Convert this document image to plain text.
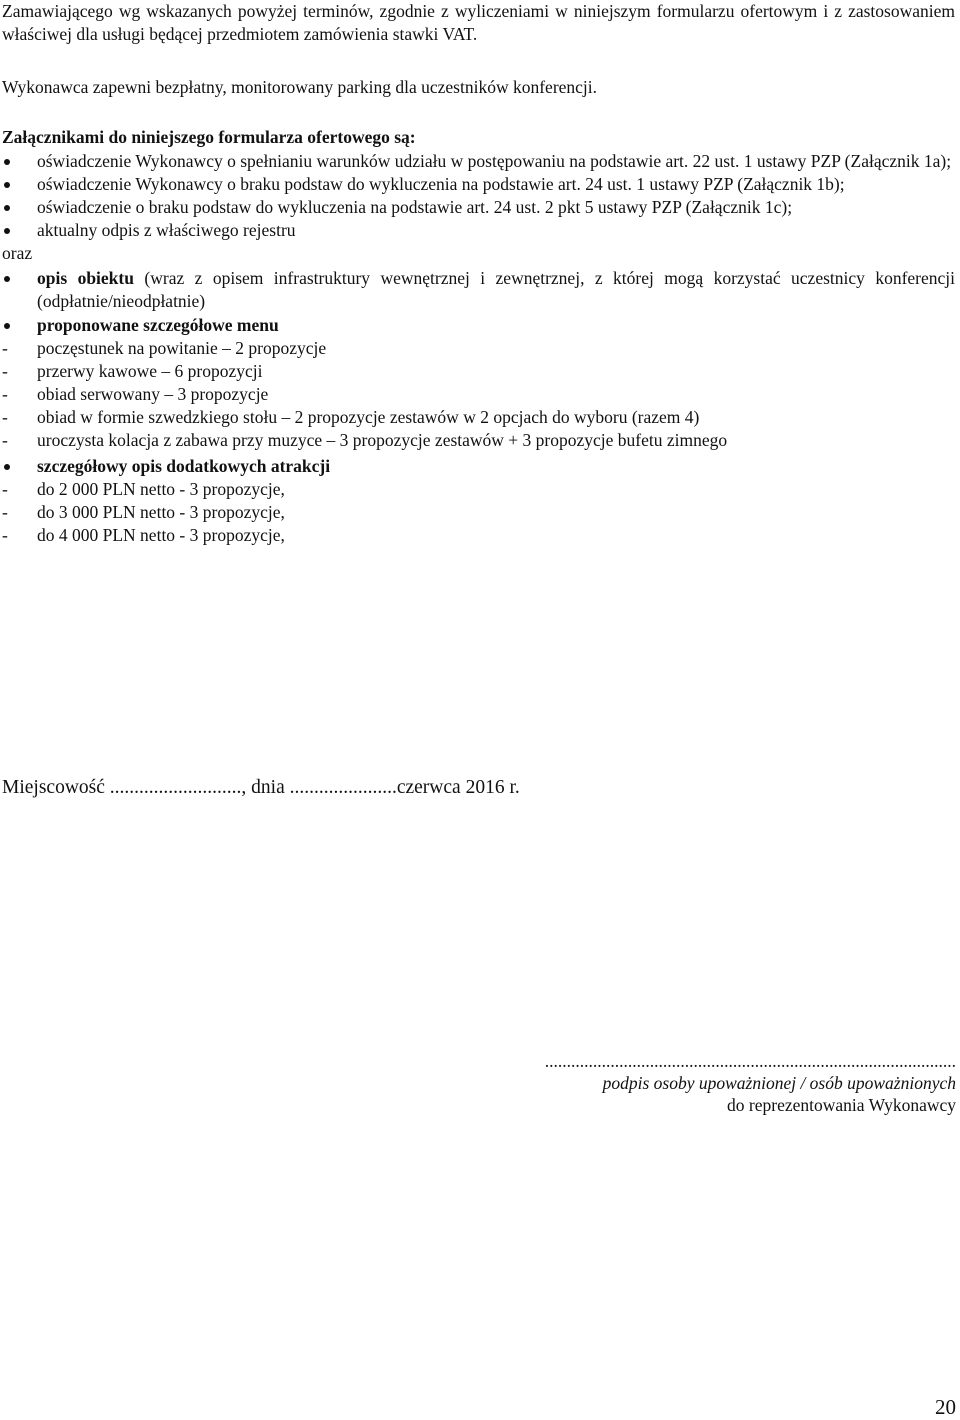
Zamawiającego wg wskazanych powyżej terminów, zgodnie z wyliczeniami w niniejszym formularzu ofertowym i z zastosowaniem właściwej dla usługi będącej przedmiotem zamówienia stawki VAT.

Wykonawca zapewni bezpłatny, monitorowany parking dla uczestników konferencji.

Załącznikami do niniejszego formularza ofertowego są:

oświadczenie Wykonawcy o spełnianiu warunków udziału w postępowaniu na podstawie art. 22 ust. 1 ustawy PZP (Załącznik 1a);
oświadczenie Wykonawcy o braku podstaw do wykluczenia na podstawie art. 24 ust. 1 ustawy PZP (Załącznik 1b);
oświadczenie o braku podstaw do wykluczenia na podstawie art. 24 ust. 2 pkt 5 ustawy PZP (Załącznik 1c);
aktualny odpis z właściwego rejestru

oraz

opis obiektu (wraz z opisem infrastruktury wewnętrznej i zewnętrznej, z której mogą korzystać uczestnicy konferencji (odpłatnie/nieodpłatnie)
proponowane szczegółowe menu
- poczęstunek na powitanie – 2 propozycje
- przerwy kawowe – 6 propozycji
- obiad serwowany – 3 propozycje
- obiad w formie szwedzkiego stołu – 2 propozycje zestawów w 2 opcjach do wyboru (razem 4)
- uroczysta kolacja z zabawa przy muzyce – 3 propozycje zestawów + 3 propozycje bufetu zimnego
szczegółowy opis dodatkowych atrakcji
- do 2 000 PLN netto - 3 propozycje,
- do 3 000 PLN netto - 3 propozycje,
- do 4 000 PLN netto - 3 propozycje,

Miejscowość ..........................., dnia ......................czerwca 2016 r.

..............................................................................................
podpis osoby upoważnionej / osób upoważnionych
do reprezentowania Wykonawcy
20
